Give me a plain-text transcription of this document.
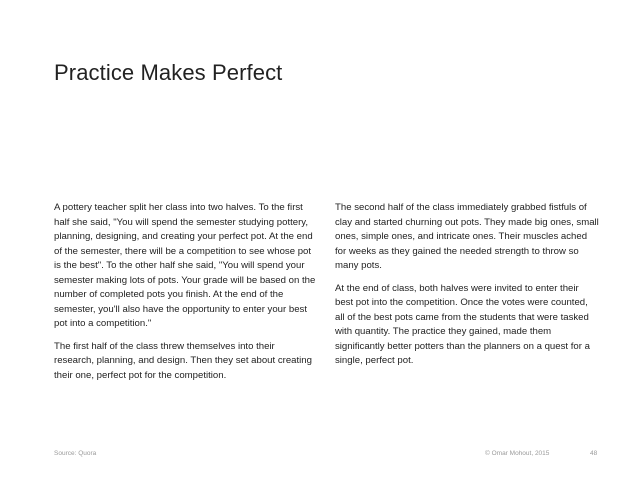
Practice Makes Perfect

A pottery teacher split her class into two halves. To the first half she said, "You will spend the semester studying pottery, planning, designing, and creating your perfect pot. At the end of the semester, there will be a competition to see whose pot is the best". To the other half she said, "You will spend your semester making lots of pots. Your grade will be based on the number of completed pots you finish. At the end of the semester, you'll also have the opportunity to enter your best pot into a competition."

The first half of the class threw themselves into their research, planning, and design. Then they set about creating their one, perfect pot for the competition.

The second half of the class immediately grabbed fistfuls of clay and started churning out pots. They made big ones, small ones, simple ones, and intricate ones. Their muscles ached for weeks as they gained the needed strength to throw so many pots.

At the end of class, both halves were invited to enter their best pot into the competition. Once the votes were counted, all of the best pots came from the students that were tasked with quantity. The practice they gained, made them significantly better potters than the planners on a quest for a single, perfect pot.

Source: Quora	© Omar Mohout, 2015	48
